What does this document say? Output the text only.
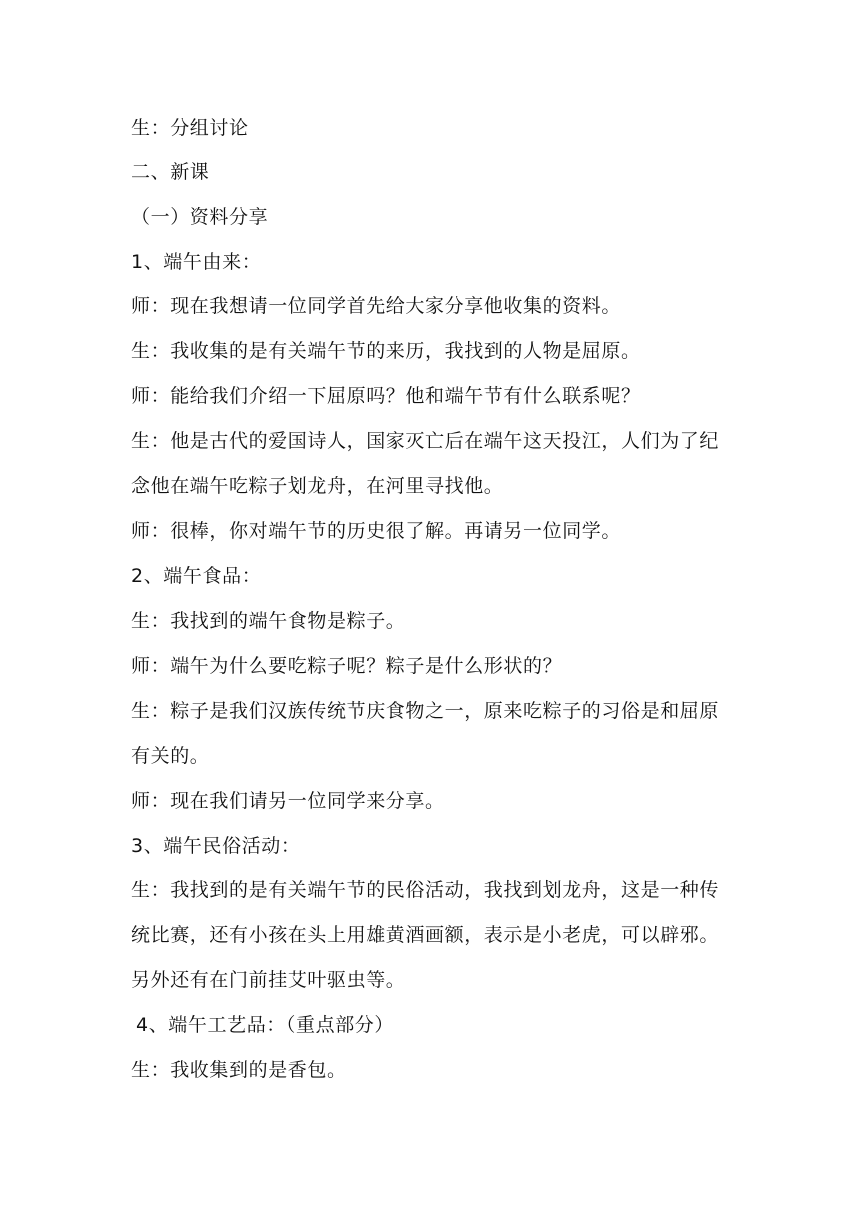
生：分组讨论
二、新课
（一）资料分享
1、端午由来：
师：现在我想请一位同学首先给大家分享他收集的资料。
生：我收集的是有关端午节的来历，我找到的人物是屈原。
师：能给我们介绍一下屈原吗？他和端午节有什么联系呢？
生：他是古代的爱国诗人，国家灭亡后在端午这天投江，人们为了纪
念他在端午吃粽子划龙舟，在河里寻找他。
师：很棒，你对端午节的历史很了解。再请另一位同学。
2、端午食品：
生：我找到的端午食物是粽子。
师：端午为什么要吃粽子呢？粽子是什么形状的？
生：粽子是我们汉族传统节庆食物之一，原来吃粽子的习俗是和屈原
有关的。
师：现在我们请另一位同学来分享。
3、端午民俗活动：
生：我找到的是有关端午节的民俗活动，我找到划龙舟，这是一种传
统比赛，还有小孩在头上用雄黄酒画额，表示是小老虎，可以辟邪。
另外还有在门前挂艾叶驱虫等。
4、端午工艺品：（重点部分）
生：我收集到的是香包。
